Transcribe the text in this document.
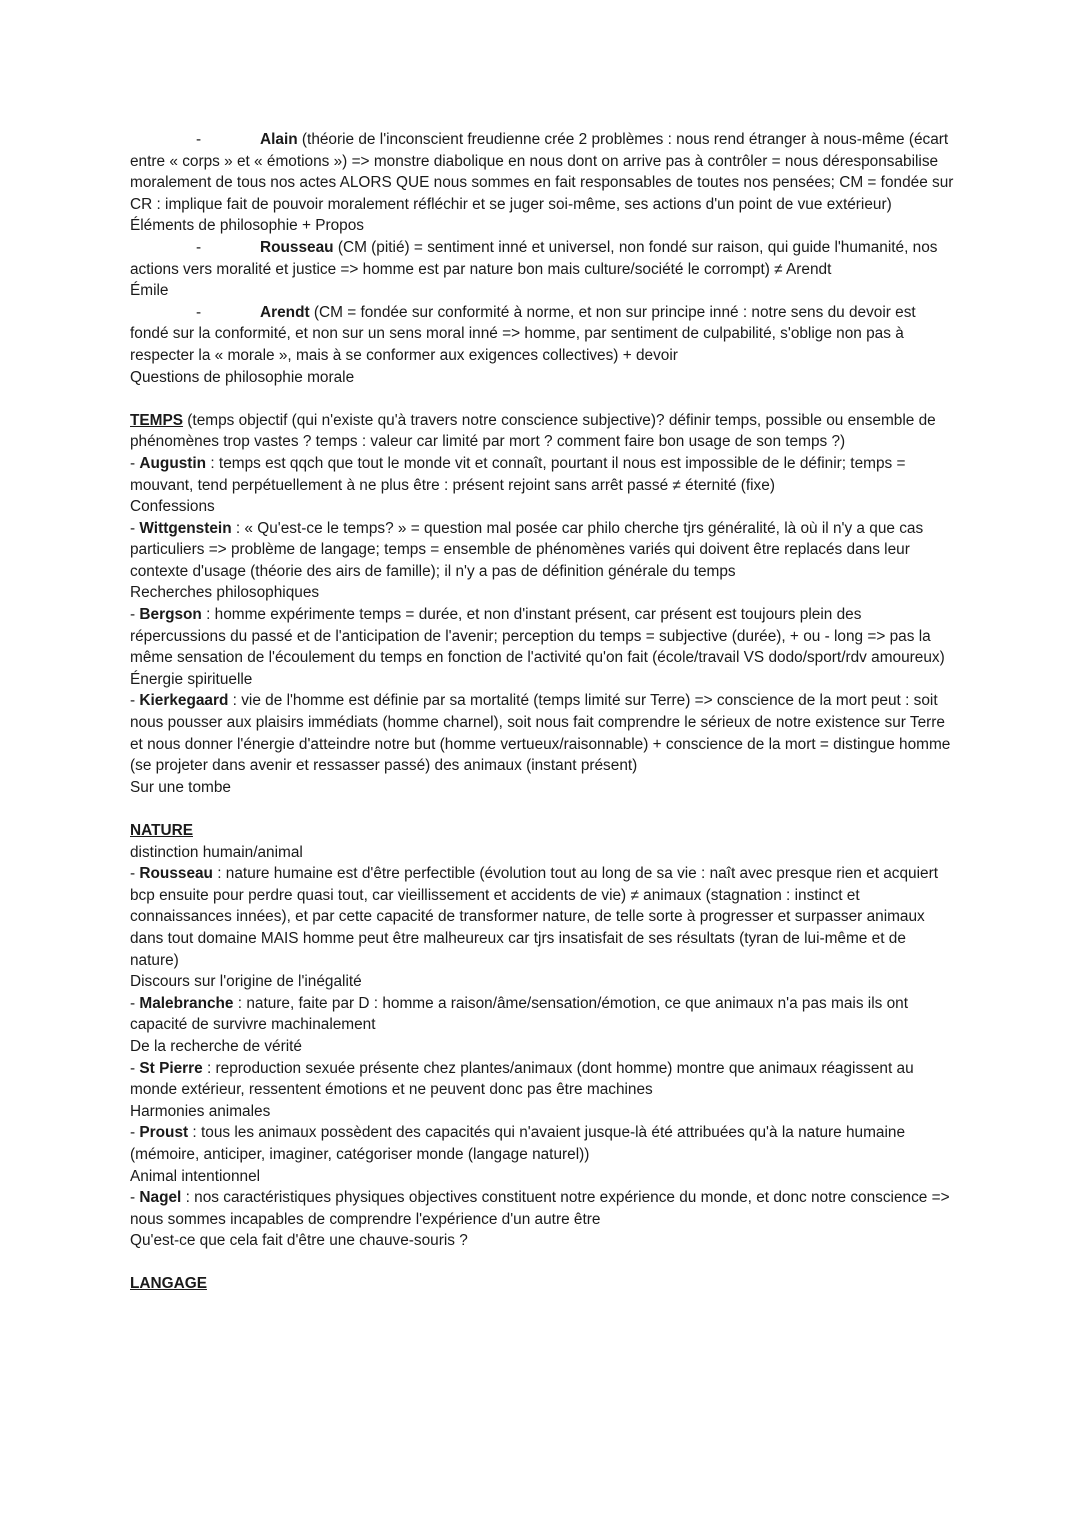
-	Alain (théorie de l'inconscient freudienne crée 2 problèmes : nous rend étranger à nous-même (écart entre « corps » et « émotions ») => monstre diabolique en nous dont on arrive pas à contrôler = nous déresponsabilise moralement de tous nos actes ALORS QUE nous sommes en fait responsables de toutes nos pensées; CM = fondée sur CR : implique fait de pouvoir moralement réfléchir et se juger soi-même, ses actions d'un point de vue extérieur)

Éléments de philosophie + Propos

-	Rousseau (CM (pitié) = sentiment inné et universel, non fondé sur raison, qui guide l'humanité, nos actions vers moralité et justice => homme est par nature bon mais culture/société le corrompt) ≠ Arendt

Émile

-	Arendt (CM = fondée sur conformité à norme, et non sur principe inné : notre sens du devoir est fondé sur la conformité, et non sur un sens moral inné => homme, par sentiment de culpabilité, s'oblige non pas à respecter la « morale », mais à se conformer aux exigences collectives) + devoir

Questions de philosophie morale

TEMPS (temps objectif (qui n'existe qu'à travers notre conscience subjective)? définir temps, possible ou ensemble de phénomènes trop vastes ? temps : valeur car limité par mort ? comment faire bon usage de son temps ?)

- Augustin : temps est qqch que tout le monde vit et connaît, pourtant il nous est impossible de le définir; temps = mouvant, tend perpétuellement à ne plus être : présent rejoint sans arrêt passé ≠ éternité (fixe)

Confessions

- Wittgenstein : « Qu'est-ce le temps? » = question mal posée car philo cherche tjrs généralité, là où il n'y a que cas particuliers => problème de langage; temps = ensemble de phénomènes variés qui doivent être replacés dans leur contexte d'usage (théorie des airs de famille); il n'y a pas de définition générale du temps

Recherches philosophiques

- Bergson : homme expérimente temps = durée, et non d'instant présent, car présent est toujours plein des répercussions du passé et de l'anticipation de l'avenir; perception du temps = subjective (durée), + ou - long => pas la même sensation de l'écoulement du temps en fonction de l'activité qu'on fait (école/travail VS dodo/sport/rdv amoureux)

Énergie spirituelle

- Kierkegaard : vie de l'homme est définie par sa mortalité (temps limité sur Terre) => conscience de la mort peut : soit nous pousser aux plaisirs immédiats (homme charnel), soit nous fait comprendre le sérieux de notre existence sur Terre et nous donner l'énergie d'atteindre notre but (homme vertueux/raisonnable) + conscience de la mort = distingue homme (se projeter dans avenir et ressasser passé) des animaux (instant présent)

Sur une tombe

NATURE

distinction humain/animal

- Rousseau : nature humaine est d'être perfectible (évolution tout au long de sa vie : naît avec presque rien et acquiert bcp ensuite pour perdre quasi tout, car vieillissement et accidents de vie) ≠ animaux (stagnation : instinct et connaissances innées), et par cette capacité de transformer nature, de telle sorte à progresser et surpasser animaux dans tout domaine MAIS homme peut être malheureux car tjrs insatisfait de ses résultats (tyran de lui-même et de nature)

Discours sur l'origine de l'inégalité

- Malebranche : nature, faite par D : homme a raison/âme/sensation/émotion, ce que animaux n'a pas mais ils ont capacité de survivre machinalement

De la recherche de vérité

- St Pierre : reproduction sexuée présente chez plantes/animaux (dont homme) montre que animaux réagissent au monde extérieur, ressentent émotions et ne peuvent donc pas être machines

Harmonies animales

- Proust : tous les animaux possèdent des capacités qui n'avaient jusque-là été attribuées qu'à la nature humaine (mémoire, anticiper, imaginer, catégoriser monde (langage naturel))

Animal intentionnel

- Nagel : nos caractéristiques physiques objectives constituent notre expérience du monde, et donc notre conscience => nous sommes incapables de comprendre l'expérience d'un autre être

Qu'est-ce que cela fait d'être une chauve-souris ?

LANGAGE
